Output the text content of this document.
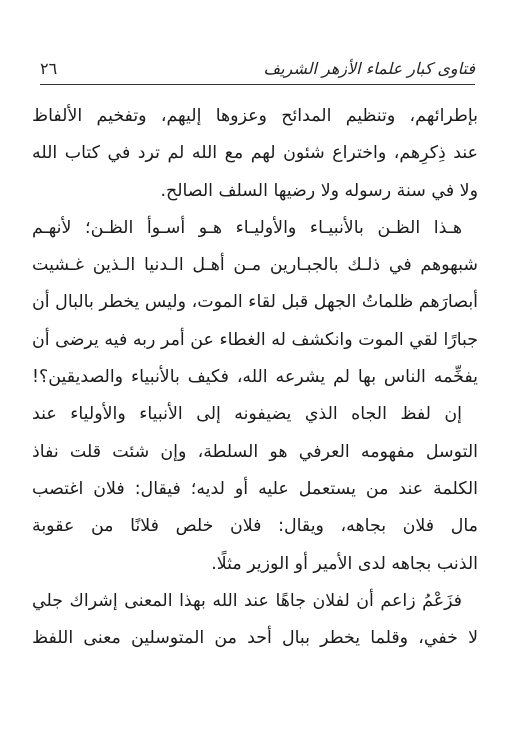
فتاوى كبار علماء الأزهر الشريف
٢٦
بإطرائهم، وتنظيم المدائح وعزوها إليهم، وتفخيم الألفاظ
عند ذِكرِهم، واختراع شئون لهم مع الله لم ترد في كتاب الله
ولا في سنة رسوله ولا رضيها السلف الصالح.
هـذا الظـن بالأنبيـاء والأوليـاء هـو أسـوأ الظـن؛ لأنهـم
شبهوهم في ذلـك بالجبـارين مـن أهـل الـدنيا الـذين غـشيت
أبصارَهم ظلماتُ الجهل قبل لقاء الموت، وليس يخطر بالبال أن
جبارًا لقي الموت وانكشف له الغطاء عن أمر ربه فيه يرضى أن
يفخِّمه الناس بها لم يشرعه الله، فكيف بالأنبياء والصديقين؟!
إن لفظ الجاه الذي يضيفونه إلى الأنبياء والأولياء عند
التوسل مفهومه العرفي هو السلطة، وإن شئت قلت نفاذ
الكلمة عند من يستعمل عليه أو لديه؛ فيقال: فلان اغتصب
مال فلان بجاهه، ويقال: فلان خلص فلانًا من عقوبة
الذنب بجاهه لدى الأمير أو الوزير مثلًا.
فزَعْمُ زاعم أن لفلان جاهًا عند الله بهذا المعنى إشراك جلي
لا خفي، وقلما يخطر ببال أحد من المتوسلين معنى اللفظ
